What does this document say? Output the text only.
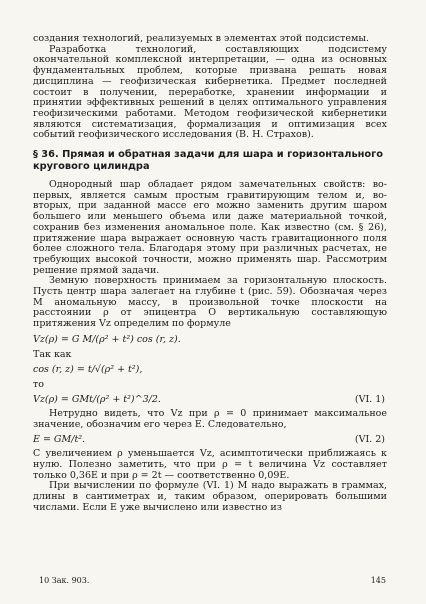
создания технологий, реализуемых в элементах этой подсистемы.

Разработка технологий, составляющих подсистему окончательной комплексной интерпретации, — одна из основных фундаментальных проблем, которые призвана решать новая дисциплина — геофизическая кибернетика. Предмет последней состоит в получении, переработке, хранении информации и принятии эффективных решений в целях оптимального управления геофизическими работами. Методом геофизической кибернетики являются систематизация, формализация и оптимизация всех событий геофизического исследования (В. Н. Страхов).

§ 36. Прямая и обратная задачи для шара и горизонтального кругового цилиндра

Однородный шар обладает рядом замечательных свойств: во-первых, является самым простым гравитирующим телом и, во-вторых, при заданной массе его можно заменить другим шаром большего или меньшего объема или даже материальной точкой, сохранив без изменения аномальное поле. Как известно (см. § 26), притяжение шара выражает основную часть гравитационного поля более сложного тела. Благодаря этому при различных расчетах, не требующих высокой точности, можно применять шар. Рассмотрим решение прямой задачи.

Земную поверхность принимаем за горизонтальную плоскость. Пусть центр шара залегает на глубине t (рис. 59). Обозначая через M аномальную массу, в произвольной точке плоскости на расстоянии ρ от эпицентра O вертикальную составляющую притяжения Vz определим по формуле

Vz(ρ) = G M/(ρ² + t²) cos (r, z).

Так как

cos (r, z) = t/√(ρ² + t²),

то

Vz(ρ) = GMt/(ρ² + t²)^3/2.	(VI. 1)

Нетрудно видеть, что Vz при ρ = 0 принимает максимальное значение, обозначим его через E. Следовательно,

E = GM/t².	(VI. 2)

С увеличением ρ уменьшается Vz, асимптотически приближаясь к нулю. Полезно заметить, что при ρ = t величина Vz составляет только 0,36E и при ρ = 2t — соответственно 0,09E.

При вычислении по формуле (VI. 1) M надо выражать в граммах, длины в сантиметрах и, таким образом, оперировать большими числами. Если E уже вычислено или известно из

10 Зак. 903.	145
